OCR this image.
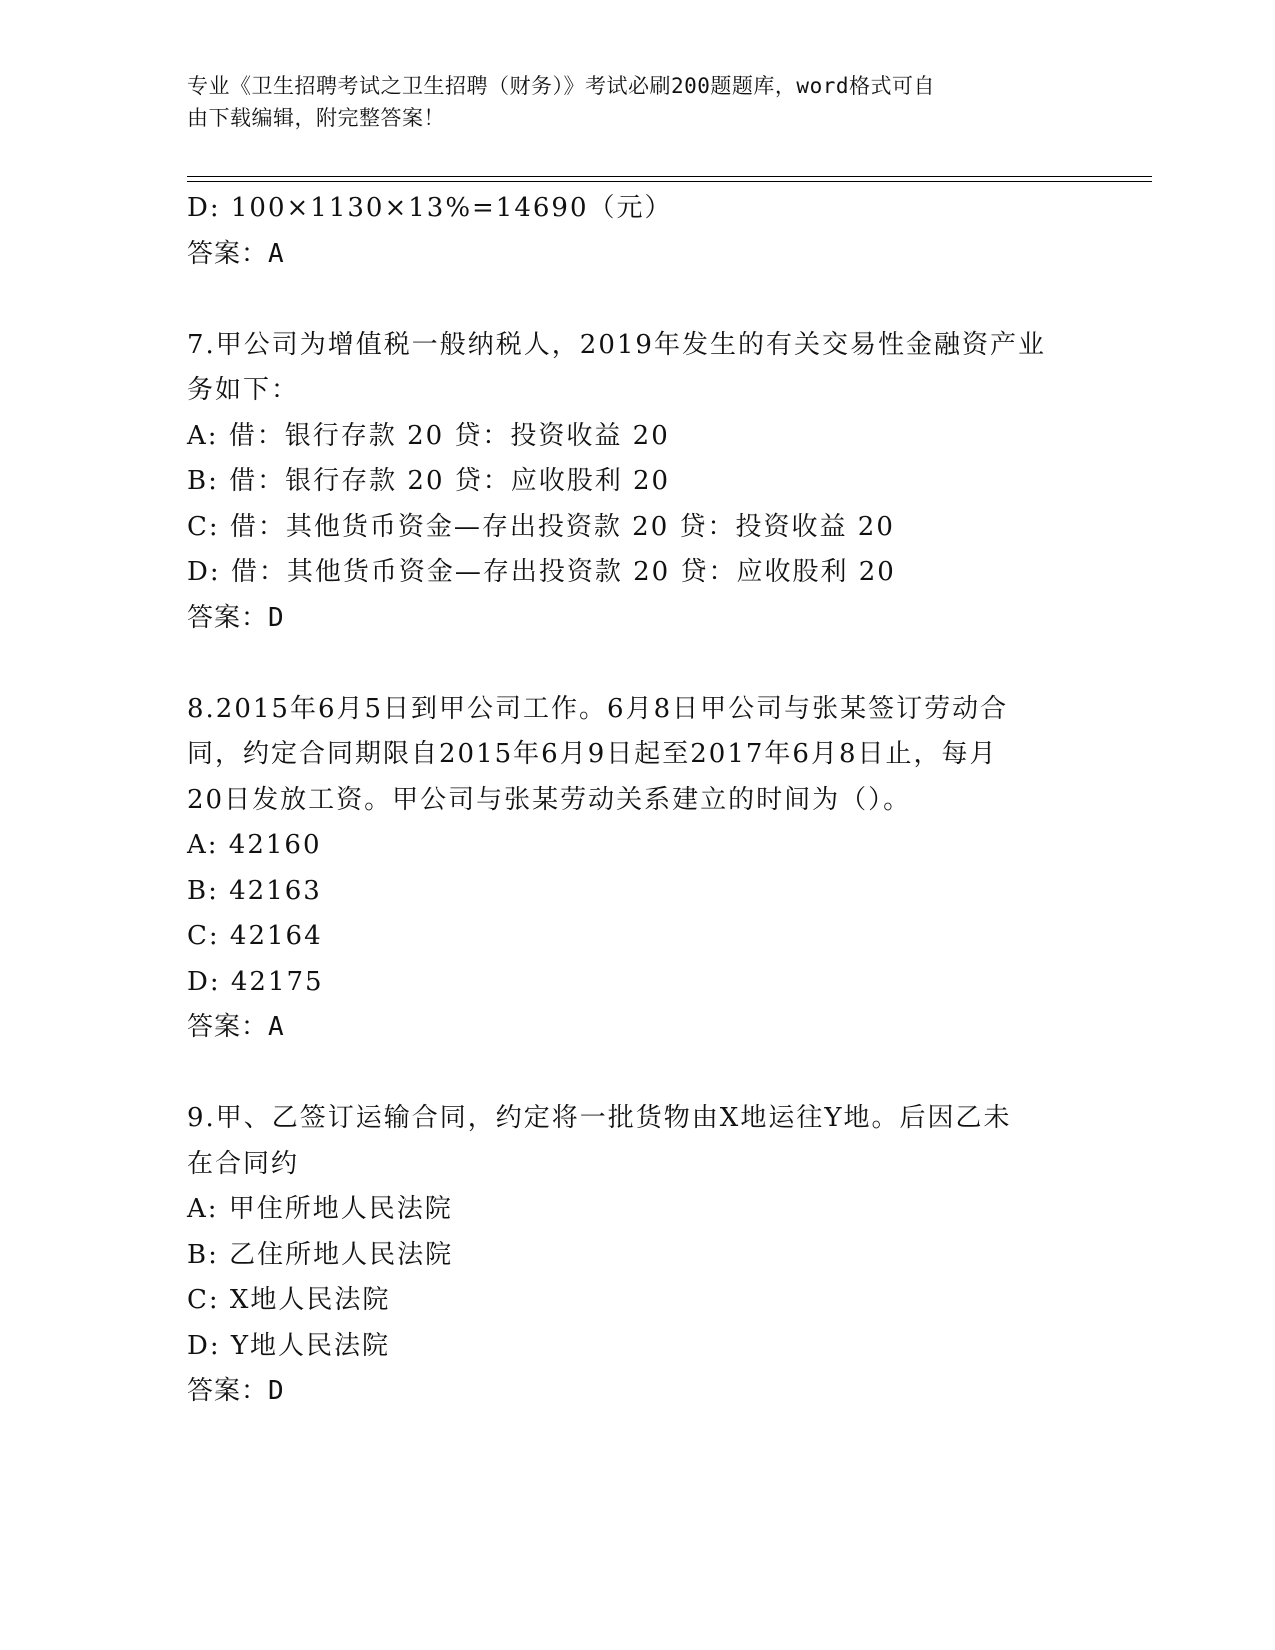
专业《卫生招聘考试之卫生招聘（财务）》考试必刷200题题库，word格式可自
由下载编辑，附完整答案！
D: 100×1130×13%=14690（元）
答案：A
7.甲公司为增值税一般纳税人，2019年发生的有关交易性金融资产业
务如下：
A: 借：银行存款 20 贷：投资收益 20
B: 借：银行存款 20 贷：应收股利 20
C: 借：其他货币资金—存出投资款 20 贷：投资收益 20
D: 借：其他货币资金—存出投资款 20 贷：应收股利 20
答案：D
8.2015年6月5日到甲公司工作。6月8日甲公司与张某签订劳动合
同，约定合同期限自2015年6月9日起至2017年6月8日止，每月
20日发放工资。甲公司与张某劳动关系建立的时间为（）。
A: 42160
B: 42163
C: 42164
D: 42175
答案：A
9.甲、乙签订运输合同，约定将一批货物由X地运往Y地。后因乙未
在合同约
A: 甲住所地人民法院
B: 乙住所地人民法院
C: X地人民法院
D: Y地人民法院
答案：D
